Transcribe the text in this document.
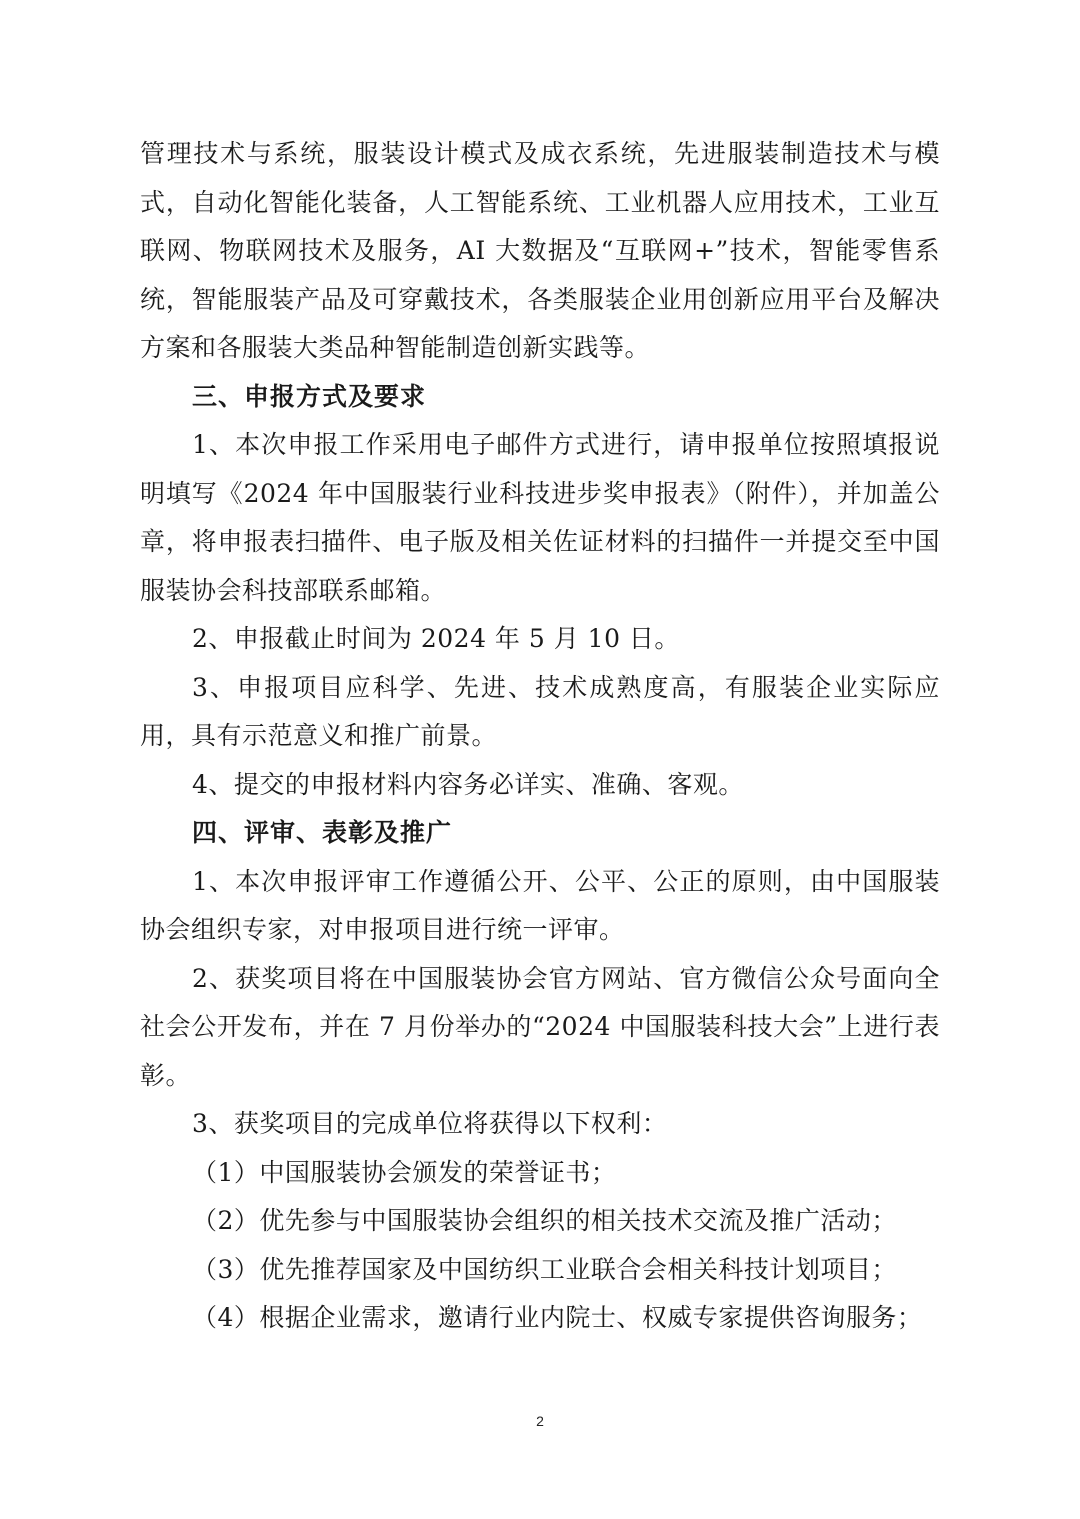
管理技术与系统，服装设计模式及成衣系统，先进服装制造技术与模式，自动化智能化装备，人工智能系统、工业机器人应用技术，工业互联网、物联网技术及服务，AI 大数据及“互联网+”技术，智能零售系统，智能服装产品及可穿戴技术，各类服装企业用创新应用平台及解决方案和各服装大类品种智能制造创新实践等。

三、申报方式及要求

1、本次申报工作采用电子邮件方式进行，请申报单位按照填报说明填写《2024 年中国服装行业科技进步奖申报表》（附件），并加盖公章，将申报表扫描件、电子版及相关佐证材料的扫描件一并提交至中国服装协会科技部联系邮箱。

2、申报截止时间为 2024 年 5 月 10 日。

3、申报项目应科学、先进、技术成熟度高，有服装企业实际应用，具有示范意义和推广前景。

4、提交的申报材料内容务必详实、准确、客观。

四、评审、表彰及推广

1、本次申报评审工作遵循公开、公平、公正的原则，由中国服装协会组织专家，对申报项目进行统一评审。

2、获奖项目将在中国服装协会官方网站、官方微信公众号面向全社会公开发布，并在 7 月份举办的“2024 中国服装科技大会”上进行表彰。

3、获奖项目的完成单位将获得以下权利：

（1）中国服装协会颁发的荣誉证书；

（2）优先参与中国服装协会组织的相关技术交流及推广活动；

（3）优先推荐国家及中国纺织工业联合会相关科技计划项目；

（4）根据企业需求，邀请行业内院士、权威专家提供咨询服务；

2
